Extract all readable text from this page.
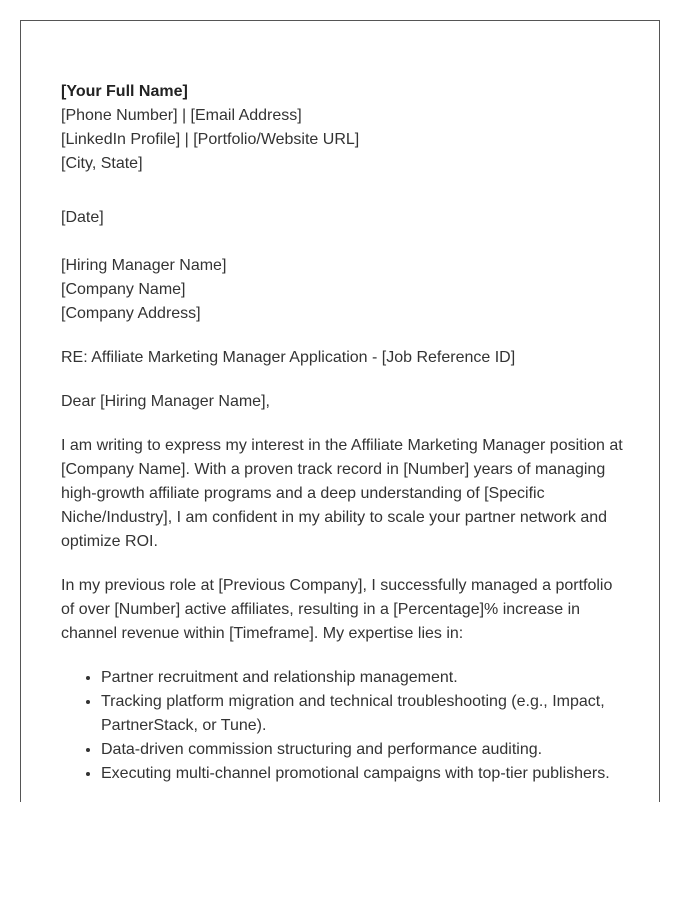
[Your Full Name]

[Phone Number] | [Email Address]

[LinkedIn Profile] | [Portfolio/Website URL]

[City, State]

[Date]

[Hiring Manager Name]

[Company Name]

[Company Address]

RE: Affiliate Marketing Manager Application - [Job Reference ID]

Dear [Hiring Manager Name],

I am writing to express my interest in the Affiliate Marketing Manager position at [Company Name]. With a proven track record in [Number] years of managing high-growth affiliate programs and a deep understanding of [Specific Niche/Industry], I am confident in my ability to scale your partner network and optimize ROI.

In my previous role at [Previous Company], I successfully managed a portfolio of over [Number] active affiliates, resulting in a [Percentage]% increase in channel revenue within [Timeframe]. My expertise lies in:

• Partner recruitment and relationship management.
• Tracking platform migration and technical troubleshooting (e.g., Impact, PartnerStack, or Tune).
• Data-driven commission structuring and performance auditing.
• Executing multi-channel promotional campaigns with top-tier publishers.
